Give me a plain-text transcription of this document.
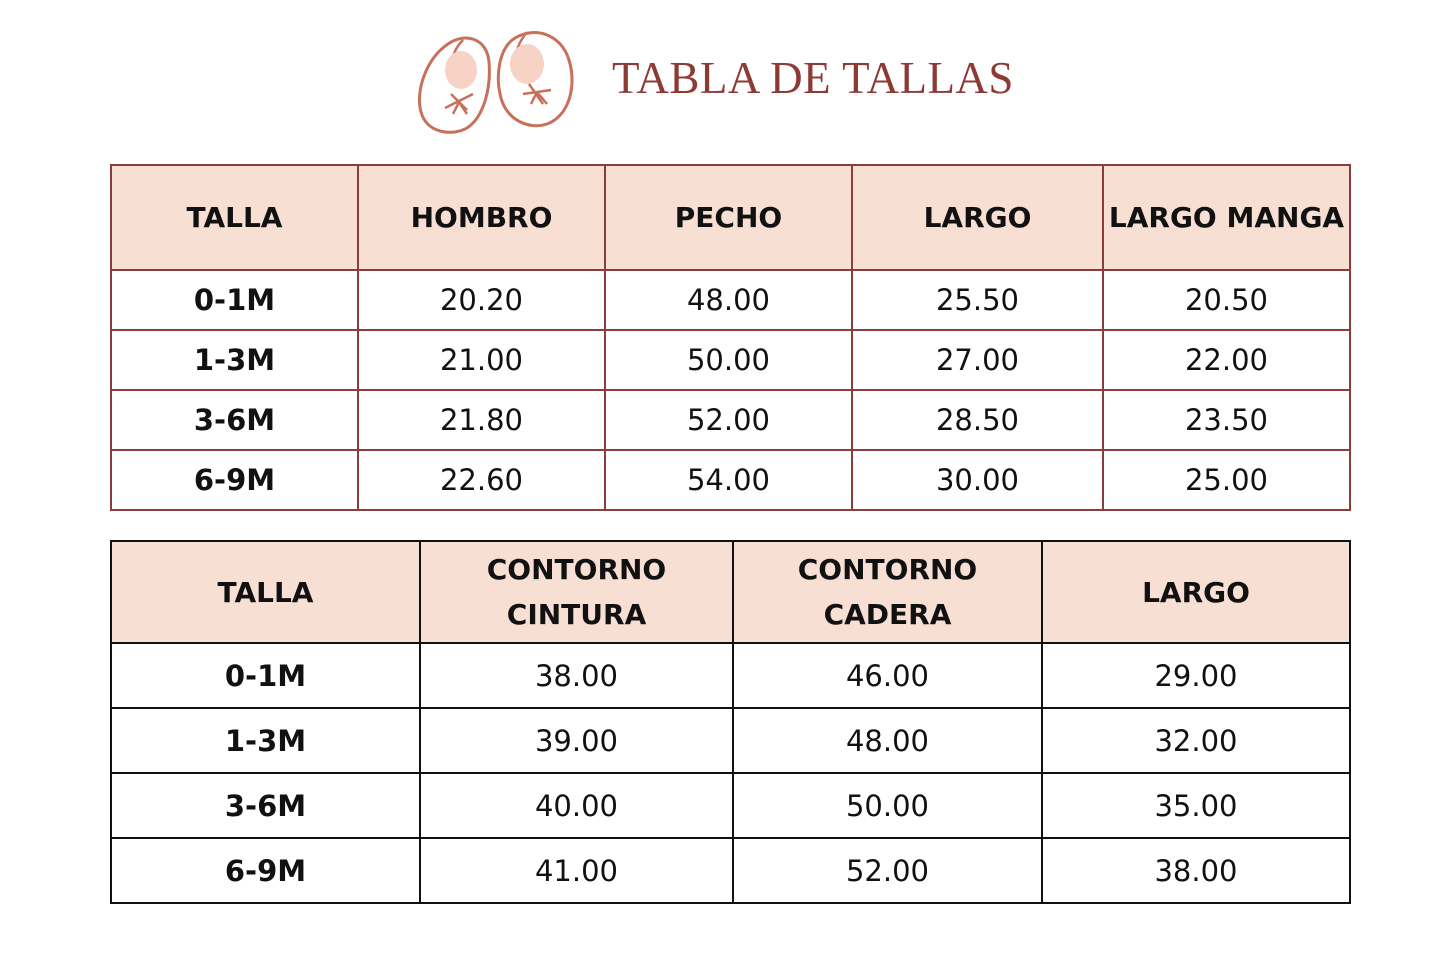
TABLA DE TALLAS
TALLA	HOMBRO	PECHO	LARGO	LARGO MANGA
0-1M	20.20	48.00	25.50	20.50
1-3M	21.00	50.00	27.00	22.00
3-6M	21.80	52.00	28.50	23.50
6-9M	22.60	54.00	30.00	25.00
TALLA	CONTORNO CINTURA	CONTORNO CADERA	LARGO
0-1M	38.00	46.00	29.00
1-3M	39.00	48.00	32.00
3-6M	40.00	50.00	35.00
6-9M	41.00	52.00	38.00
